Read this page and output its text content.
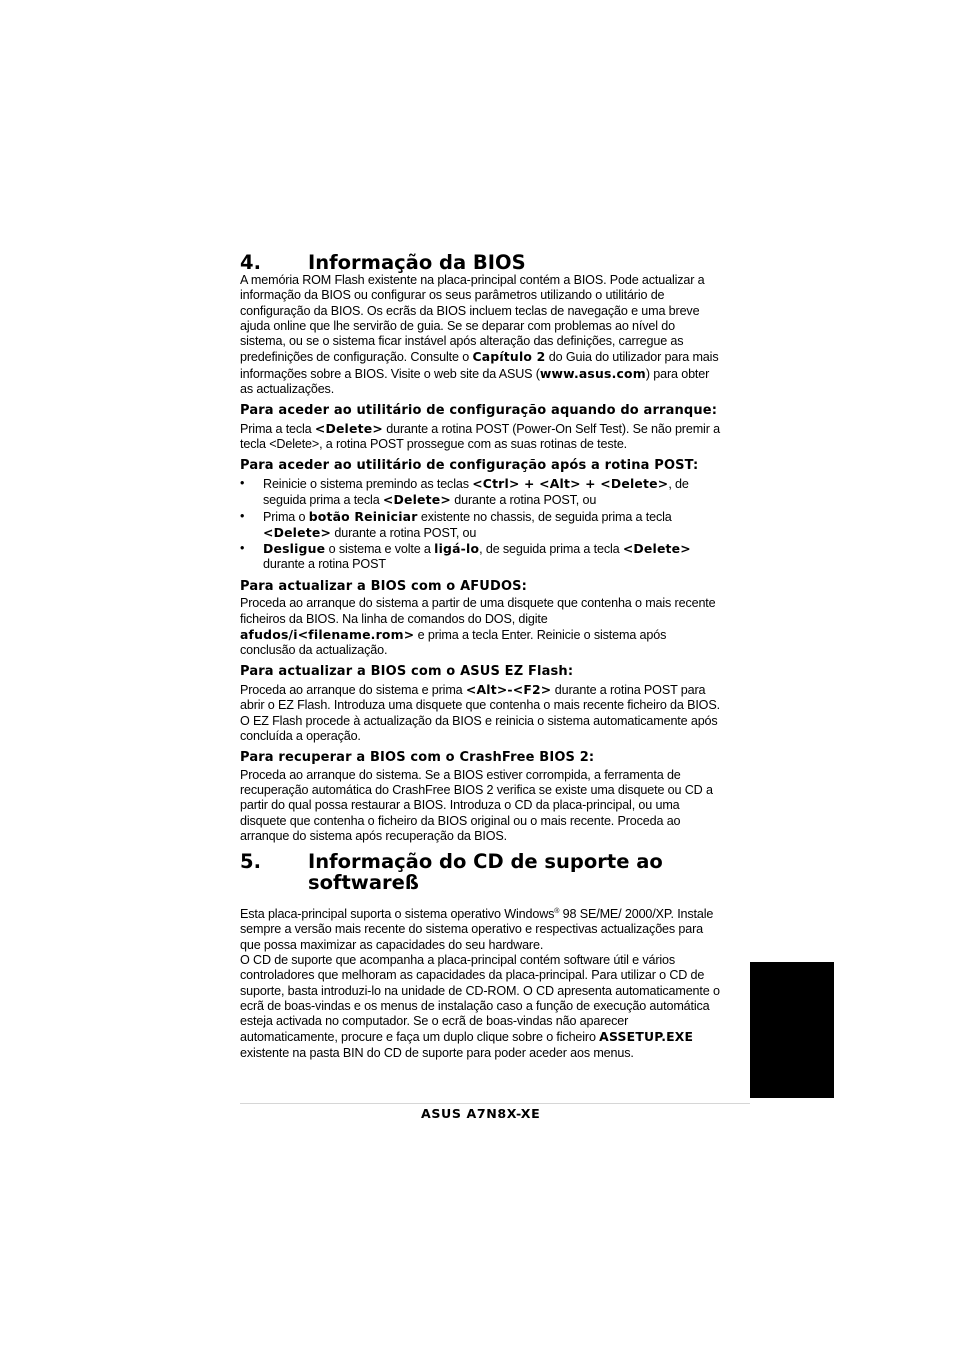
4.	Informação da BIOS

A memória ROM Flash existente na placa-principal contém a BIOS. Pode actualizar a informação da BIOS ou configurar os seus parâmetros utilizando o utilitário de configuração da BIOS. Os ecrãs da BIOS incluem teclas de navegação e uma breve ajuda online que lhe servirão de guia. Se se deparar com problemas ao nível do sistema, ou se o sistema ficar instável após alteração das definições, carregue as predefinições de configuração. Consulte o Capítulo 2 do Guia do utilizador para mais informações sobre a BIOS. Visite o web site da ASUS (www.asus.com) para obter as actualizações.

Para aceder ao utilitário de configuração aquando do arranque:

Prima a tecla <Delete> durante a rotina POST (Power-On Self Test). Se não premir a tecla <Delete>, a rotina POST prossegue com as suas rotinas de teste.

Para aceder ao utilitário de configuração após a rotina POST:
• Reinicie o sistema premindo as teclas <Ctrl> + <Alt> + <Delete>, de seguida prima a tecla <Delete> durante a rotina POST, ou
• Prima o botão Reiniciar existente no chassis, de seguida prima a tecla <Delete> durante a rotina POST, ou
• Desligue o sistema e volte a ligá-lo, de seguida prima a tecla <Delete> durante a rotina POST
Para actualizar a BIOS com o AFUDOS:

Proceda ao arranque do sistema a partir de uma disquete que contenha o mais recente ficheiros da BIOS. Na linha de comandos do DOS, digite afudos/i<filename.rom> e prima a tecla Enter. Reinicie o sistema após conclusão da actualização.

Para actualizar a BIOS com o ASUS EZ Flash:

Proceda ao arranque do sistema e prima <Alt>-<F2> durante a rotina POST para abrir o EZ Flash. Introduza uma disquete que contenha o mais recente ficheiro da BIOS. O EZ Flash procede à actualização da BIOS e reinicia o sistema automaticamente após concluída a operação.

Para recuperar a BIOS com o CrashFree BIOS 2:

Proceda ao arranque do sistema. Se a BIOS estiver corrompida, a ferramenta de recuperação automática do CrashFree BIOS 2 verifica se existe uma disquete ou CD a partir do qual possa restaurar a BIOS. Introduza o CD da placa-principal, ou uma disquete que contenha o ficheiro da BIOS original ou o mais recente. Proceda ao arranque do sistema após recuperação da BIOS.

5.	Informação do CD de suporte ao softwareß

Esta placa-principal suporta o sistema operativo Windows® 98 SE/ME/ 2000/XP. Instale sempre a versão mais recente do sistema operativo e respectivas actualizações para que possa maximizar as capacidades do seu hardware.

O CD de suporte que acompanha a placa-principal contém software útil e vários controladores que melhoram as capacidades da placa-principal. Para utilizar o CD de suporte, basta introduzi-lo na unidade de CD-ROM. O CD apresenta automaticamente o ecrã de boas-vindas e os menus de instalação caso a função de execução automática esteja activada no computador. Se o ecrã de boas-vindas não aparecer automaticamente, procure e faça um duplo clique sobre o ficheiro ASSETUP.EXE existente na pasta BIN do CD de suporte para poder aceder aos menus.

ASUS A7N8X-XE
